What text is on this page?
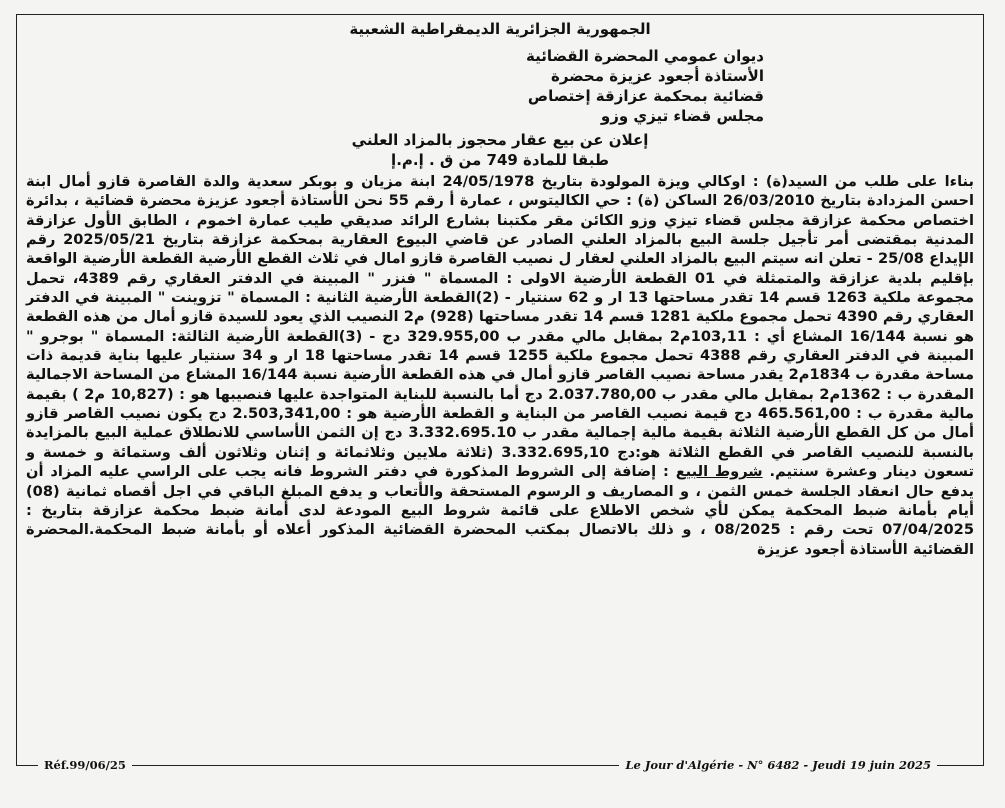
الجمهورية الجزائرية الديمقراطية الشعبية
ديوان عمومي المحضرة القضائية
الأستاذة أجعود عزيزة محضرة
قضائية بمحكمة عزازقة إختصاص
مجلس قضاء تيزي وزو
إعلان عن بيع عقار محجوز بالمزاد العلني
طبقا للمادة 749 من ق . إ.م.إ
بناءا على طلب من السيد(ة) : اوكالي ويزة المولودة بتاريخ 24/05/1978 ابنة مزيان و بوبكر سعدية والدة القاصرة قازو أمال ابنة احسن المزدادة بتاريخ 26/03/2010 الساكن (ة) : حي الكاليتوس ، عمارة أ رقم 55 نحن الأستاذة أجعود عزيزة محضرة قضائية ، بدائرة اختصاص محكمة عزازقة مجلس قضاء تيزي وزو الكائن مقر مكتبنا بشارع الرائد صديقي طيب عمارة اخموم ، الطابق الأول عزازقة المدنية بمقتضى أمر تأجيل جلسة البيع بالمزاد العلني الصادر عن قاضي البيوع العقارية بمحكمة عزازقة بتاريخ 2025/05/21 رقم الإيداع 25/08 - تعلن انه سيتم البيع بالمزاد العلني لعقار ل نصيب القاصرة قازو امال في ثلاث القطع الأرضية القطعة الأرضية الواقعة بإقليم بلدية عزازقة والمتمثلة في 01 القطعة الأرضية الاولى : المسماة " فنزر " المبينة في الدفتر العقاري رقم 4389، تحمل مجموعة ملكية 1263 قسم 14 تقدر مساحتها 13 ار و 62 سنتيار - (2)القطعة الأرضية الثانية : المسماة " تزوينت " المبينة في الدفتر العقاري رقم 4390 تحمل مجموع ملكية 1281 قسم 14 تقدر مساحتها (928) م2 النصيب الذي يعود للسيدة قازو أمال من هذه القطعة هو نسبة 16/144 المشاع أي : 103,11م2 بمقابل مالي مقدر ب 329.955,00 دج - (3)القطعة الأرضية الثالثة: المسماة " بوجرو " المبينة في الدفتر العقاري رقم 4388 تحمل مجموع ملكية 1255 قسم 14 تقدر مساحتها 18 ار و 34 سنتيار عليها بناية قديمة ذات مساحة مقدرة ب 1834م2 يقدر مساحة نصيب القاصر قازو أمال في هذه القطعة الأرضية نسبة 16/144 المشاع من المساحة الاجمالية المقدرة ب : 1362م2 بمقابل مالي مقدر ب 2.037.780,00 دج أما بالنسبة للبناية المتواجدة عليها فنصيبها هو : (10,827 م2 ) بقيمة مالية مقدرة ب : 465.561,00 دج قيمة نصيب القاصر من البناية و القطعة الأرضية هو : 2.503,341,00 دج يكون نصيب القاصر قازو أمال من كل القطع الأرضية الثلاثة بقيمة مالية إجمالية مقدر ب 3.332.695.10 دج إن الثمن الأساسي للانطلاق عملية البيع بالمزايدة بالنسبة للنصيب القاصر في القطع الثلاثة هو:دج 3.332.695,10 (ثلاثة ملايين وثلاثمائة و إثنان وثلاثون ألف وستمائة و خمسة و تسعون دينار وعشرة سنتيم. شروط البيع : إضافة إلى الشروط المذكورة في دفتر الشروط فانه يجب على الراسي عليه المزاد أن يدفع حال انعقاد الجلسة خمس الثمن ، و المصاريف و الرسوم المستحقة والأتعاب و يدفع المبلغ الباقي في اجل أقصاه ثمانية (08) أيام بأمانة ضبط المحكمة يمكن لأي شخص الاطلاع على قائمة شروط البيع المودعة لدى أمانة ضبط محكمة عزازقة بتاريخ : 07/04/2025 تحت رقم : 08/2025 ، و ذلك بالاتصال بمكتب المحضرة القضائية المذكور أعلاه أو بأمانة ضبط المحكمة.المحضرة القضائية الأستاذة أجعود عزيزة
Réf.99/06/25	Le Jour d'Algérie - N° 6482 - Jeudi 19 juin 2025
